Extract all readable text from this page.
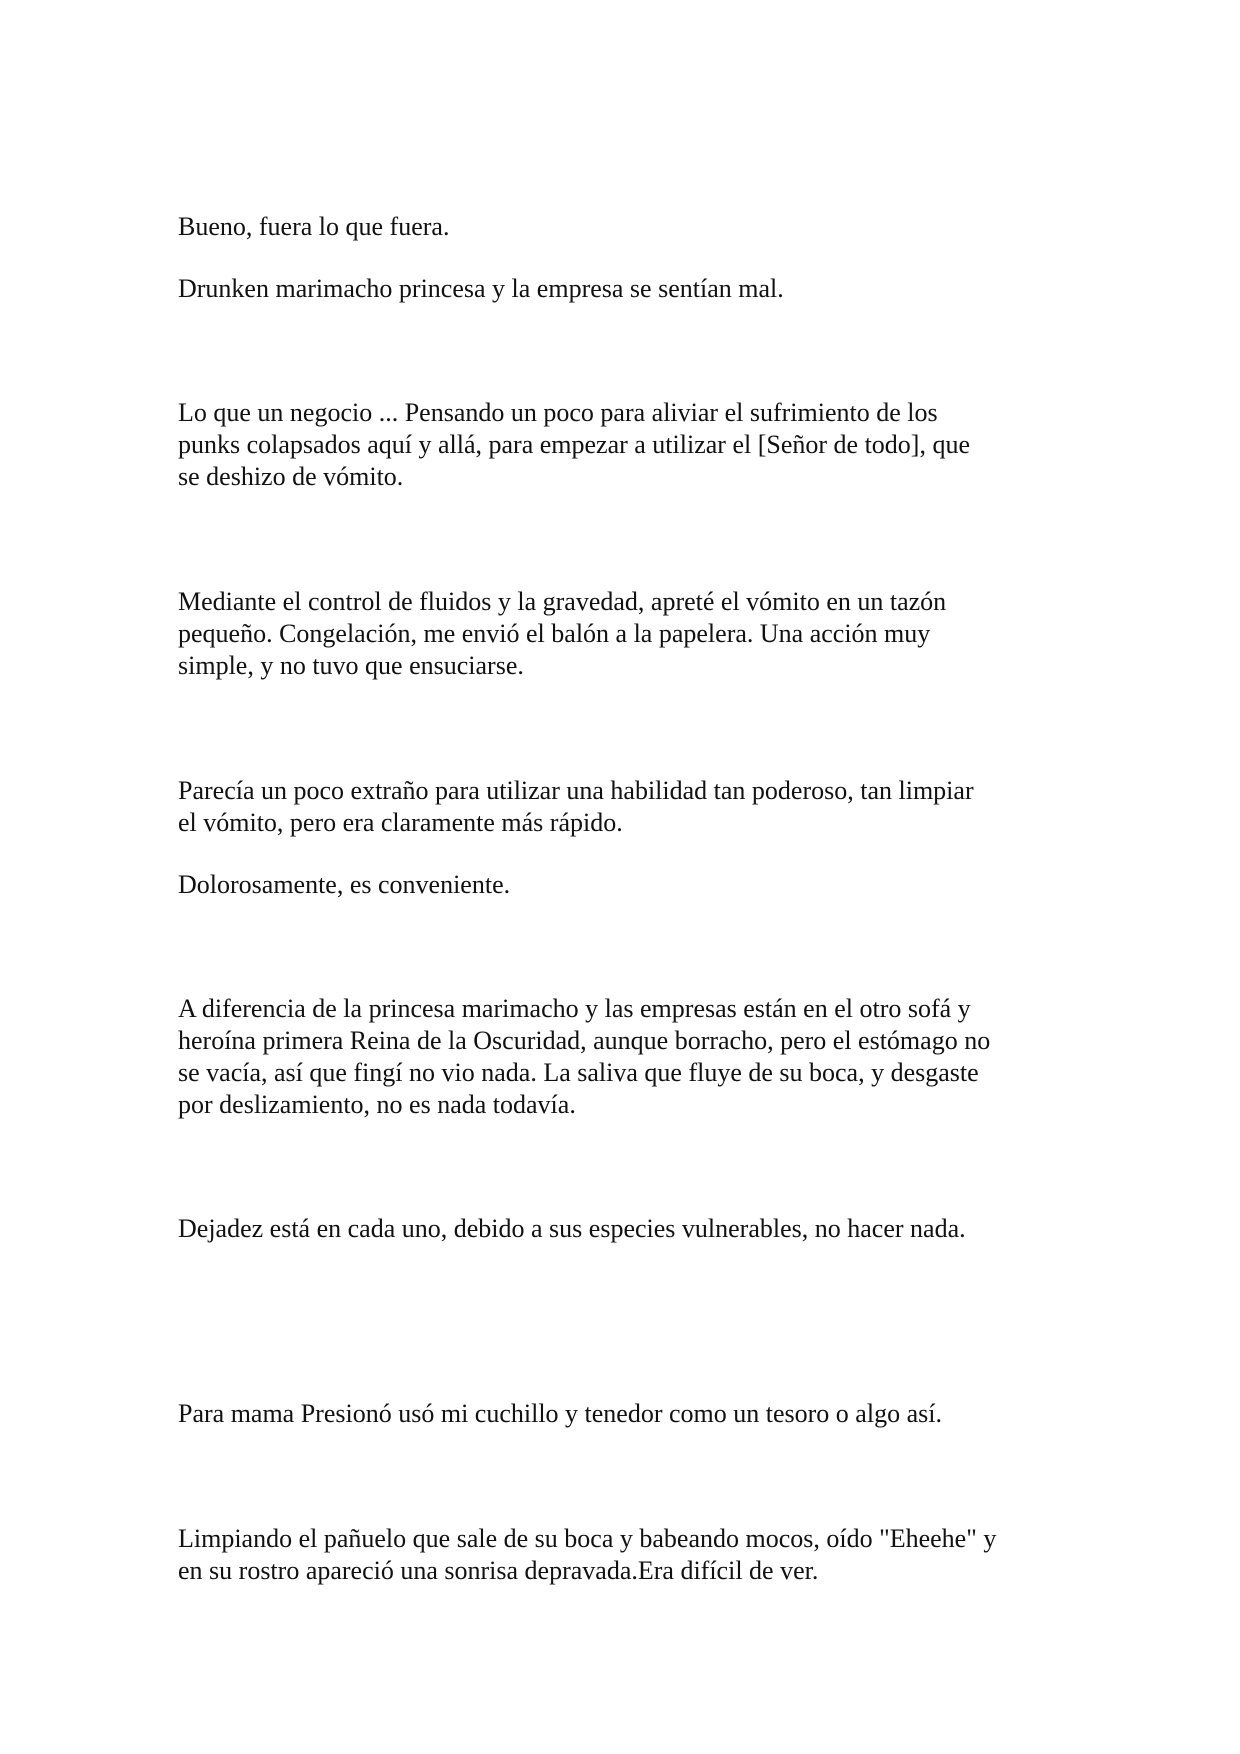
Bueno, fuera lo que fuera.

Drunken marimacho princesa y la empresa se sentían mal.

Lo que un negocio ... Pensando un poco para aliviar el sufrimiento de los
punks colapsados aquí y allá, para empezar a utilizar el [Señor de todo], que
se deshizo de vómito.

Mediante el control de fluidos y la gravedad, apreté el vómito en un tazón
pequeño. Congelación, me envió el balón a la papelera. Una acción muy
simple, y no tuvo que ensuciarse.

Parecía un poco extraño para utilizar una habilidad tan poderoso, tan limpiar
el vómito, pero era claramente más rápido.

Dolorosamente, es conveniente.

A diferencia de la princesa marimacho y las empresas están en el otro sofá y
heroína primera Reina de la Oscuridad, aunque borracho, pero el estómago no
se vacía, así que fingí no vio nada. La saliva que fluye de su boca, y desgaste
por deslizamiento, no es nada todavía.

Dejadez está en cada uno, debido a sus especies vulnerables, no hacer nada.

Para mama Presionó usó mi cuchillo y tenedor como un tesoro o algo así.

Limpiando el pañuelo que sale de su boca y babeando mocos, oído "Eheehe" y
en su rostro apareció una sonrisa depravada.Era difícil de ver.
